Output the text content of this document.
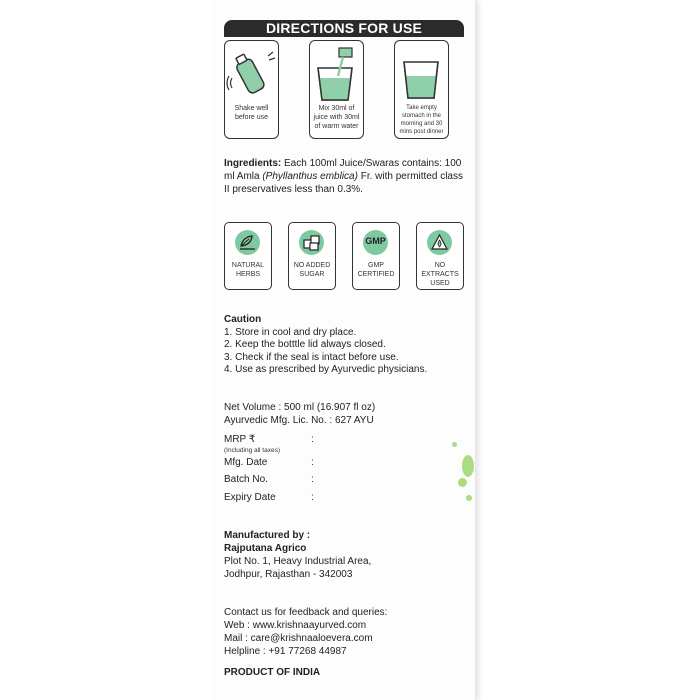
DIRECTIONS FOR USE
Shake well before use
Mix 30ml of juice with 30ml of warm water
Take empty stomach in the morning and 30 mins post dinner
Ingredients: Each 100ml Juice/Swaras contains: 100 ml Amla (Phyllanthus emblica) Fr. with permitted class II preservatives less than 0.3%.
NATURAL HERBS
NO ADDED SUGAR
GMP
GMP CERTIFIED
NO EXTRACTS USED
Caution
1. Store in cool and dry place.
2. Keep the botttle lid always closed.
3. Check if the seal is intact before use.
4. Use as prescribed by Ayurvedic physicians.
Net Volume : 500 ml (16.907 fl oz)
Ayurvedic Mfg. Lic. No. : 627 AYU
MRP ₹	:
(Including all taxes)
Mfg. Date	:
Batch No.	:
Expiry Date	:
Manufactured by :
Rajputana Agrico
Plot No. 1, Heavy Industrial Area,
Jodhpur, Rajasthan - 342003
Contact us for feedback and queries:
Web : www.krishnaayurved.com
Mail : care@krishnaaloevera.com
Helpline : +91 77268 44987
PRODUCT OF INDIA
